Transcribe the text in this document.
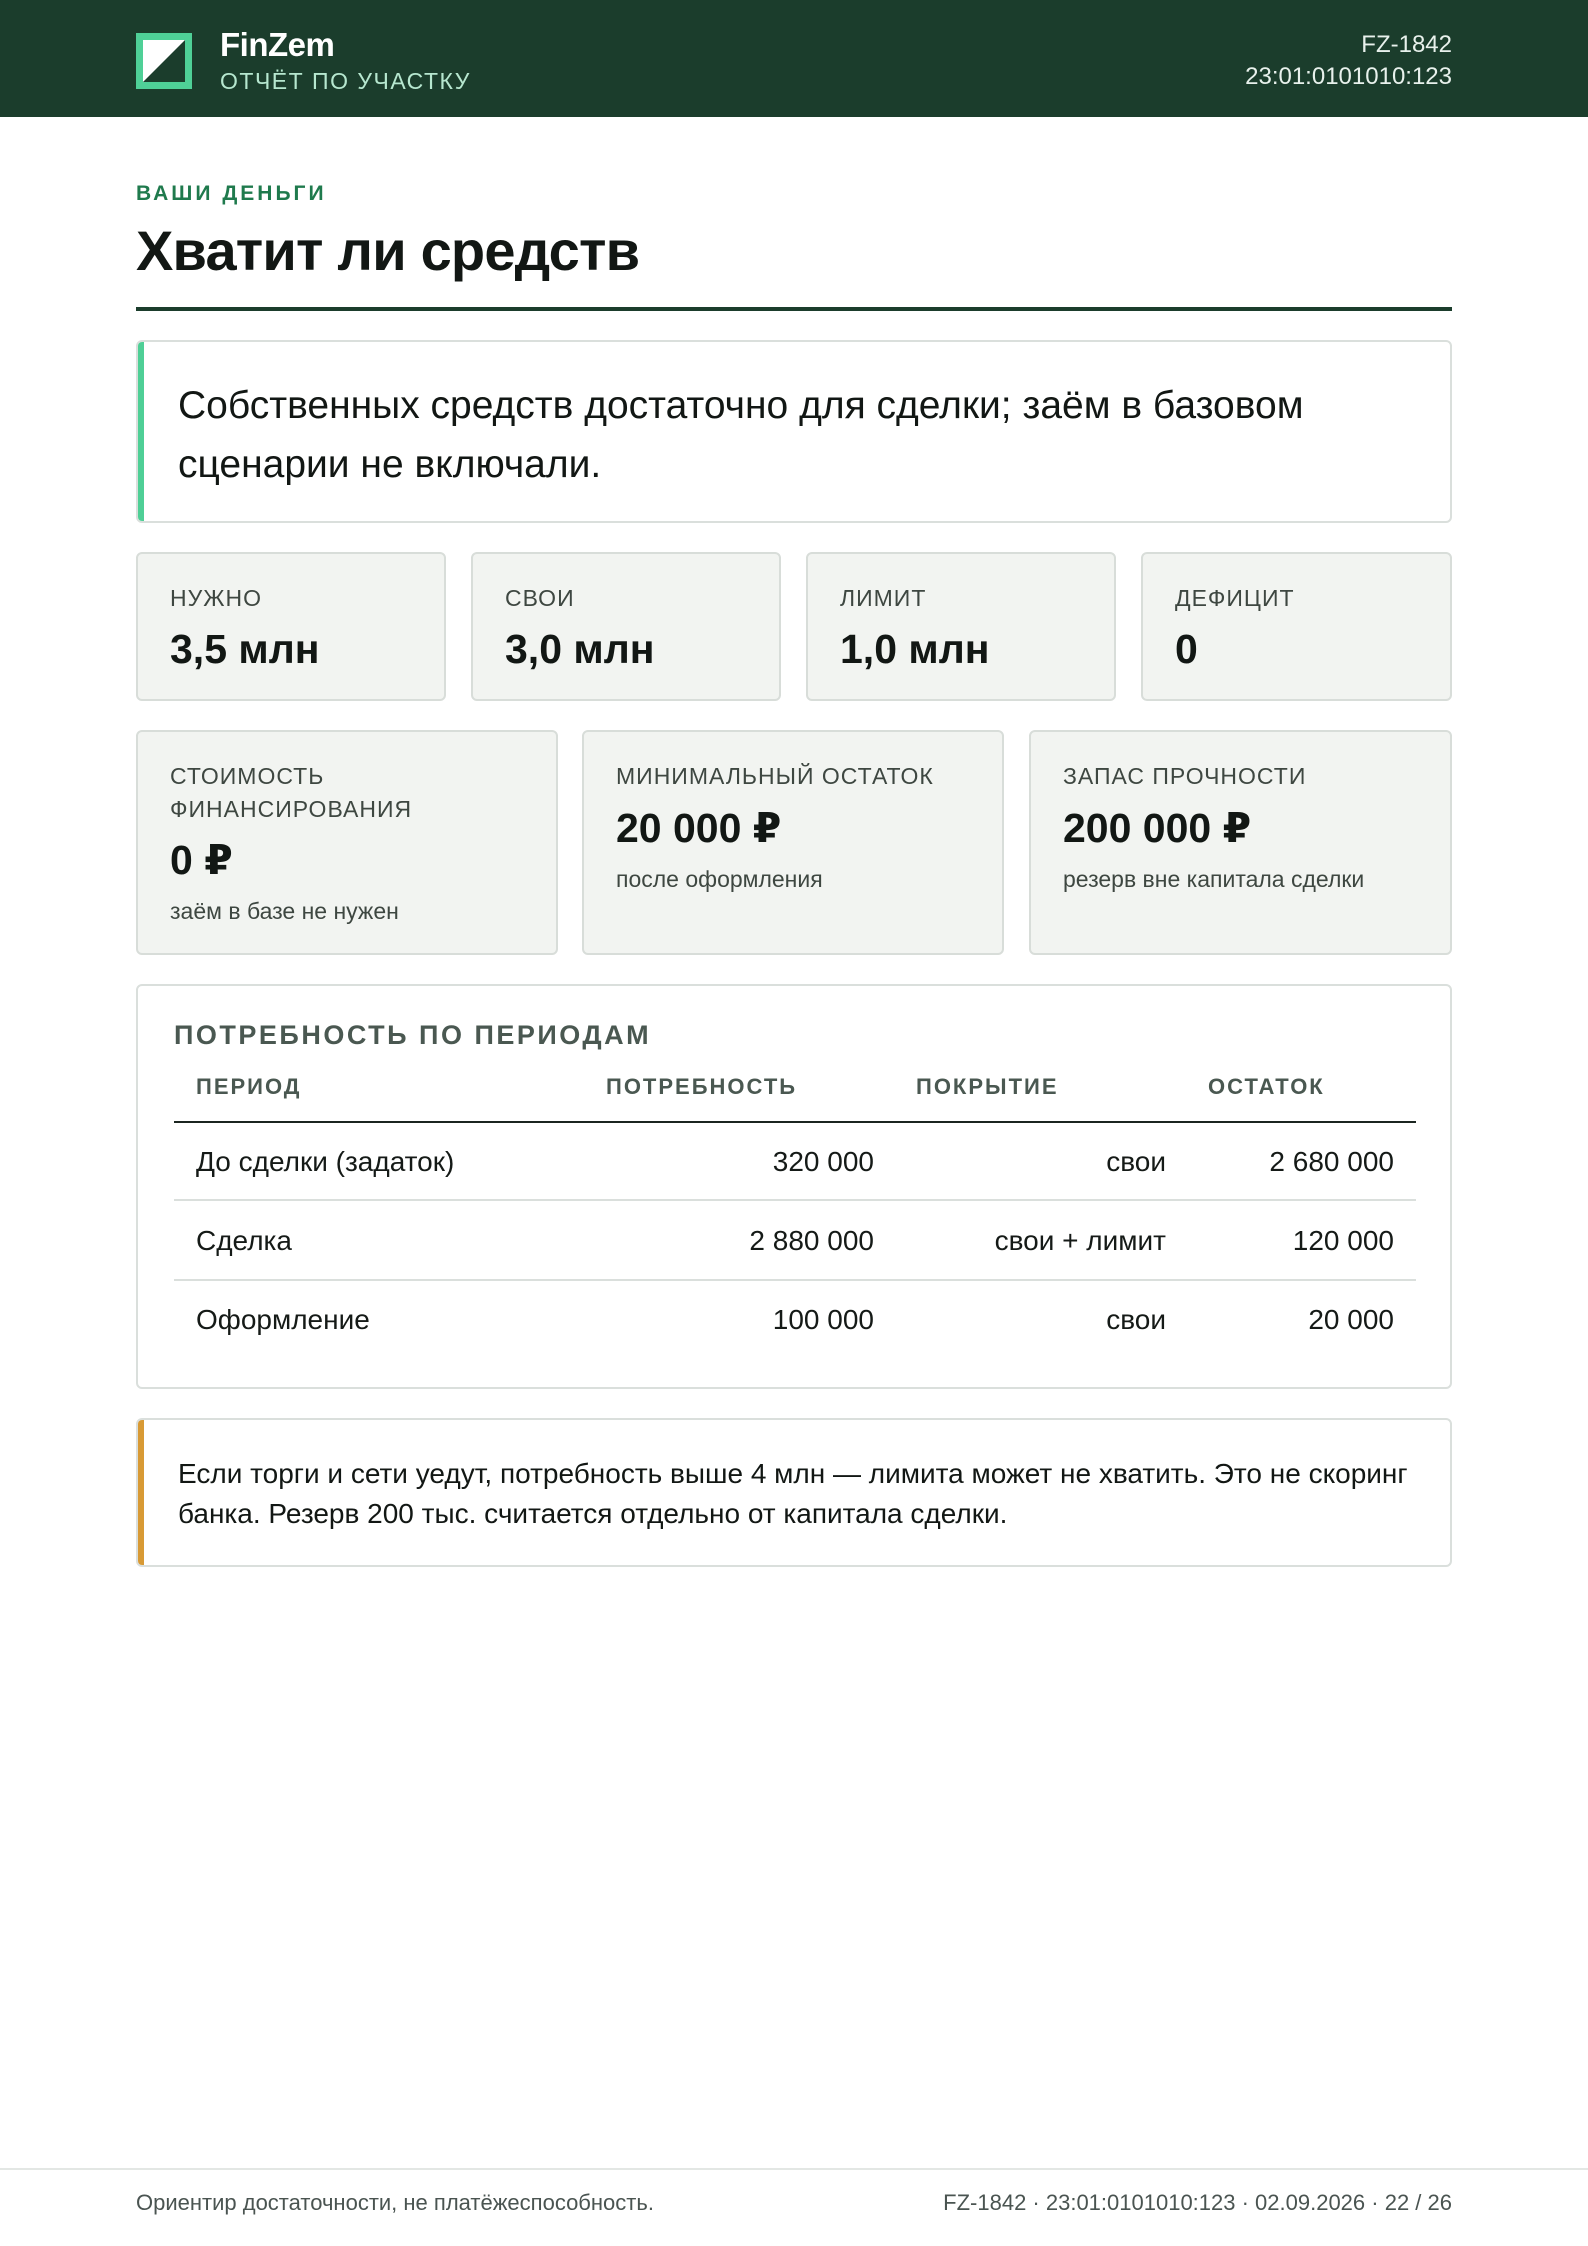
FinZem
ОТЧЁТ ПО УЧАСТКУ
FZ-1842
23:01:0101010:123
ВАШИ ДЕНЬГИ
Хватит ли средств
Собственных средств достаточно для сделки; заём в базовом сценарии не включали.
НУЖНО
3,5 млн
СВОИ
3,0 млн
ЛИМИТ
1,0 млн
ДЕФИЦИТ
0
СТОИМОСТЬ ФИНАНСИРОВАНИЯ
0 ₽
заём в базе не нужен
МИНИМАЛЬНЫЙ ОСТАТОК
20 000 ₽
после оформления
ЗАПАС ПРОЧНОСТИ
200 000 ₽
резерв вне капитала сделки
ПОТРЕБНОСТЬ ПО ПЕРИОДАМ
ПЕРИОД	ПОТРЕБНОСТЬ	ПОКРЫТИЕ	ОСТАТОК
До сделки (задаток)	320 000	свои	2 680 000
Сделка	2 880 000	свои + лимит	120 000
Оформление	100 000	свои	20 000
Если торги и сети уедут, потребность выше 4 млн — лимита может не хватить. Это не скоринг банка. Резерв 200 тыс. считается отдельно от капитала сделки.
Ориентир достаточности, не платёжеспособность.	FZ-1842 · 23:01:0101010:123 · 02.09.2026 · 22 / 26
